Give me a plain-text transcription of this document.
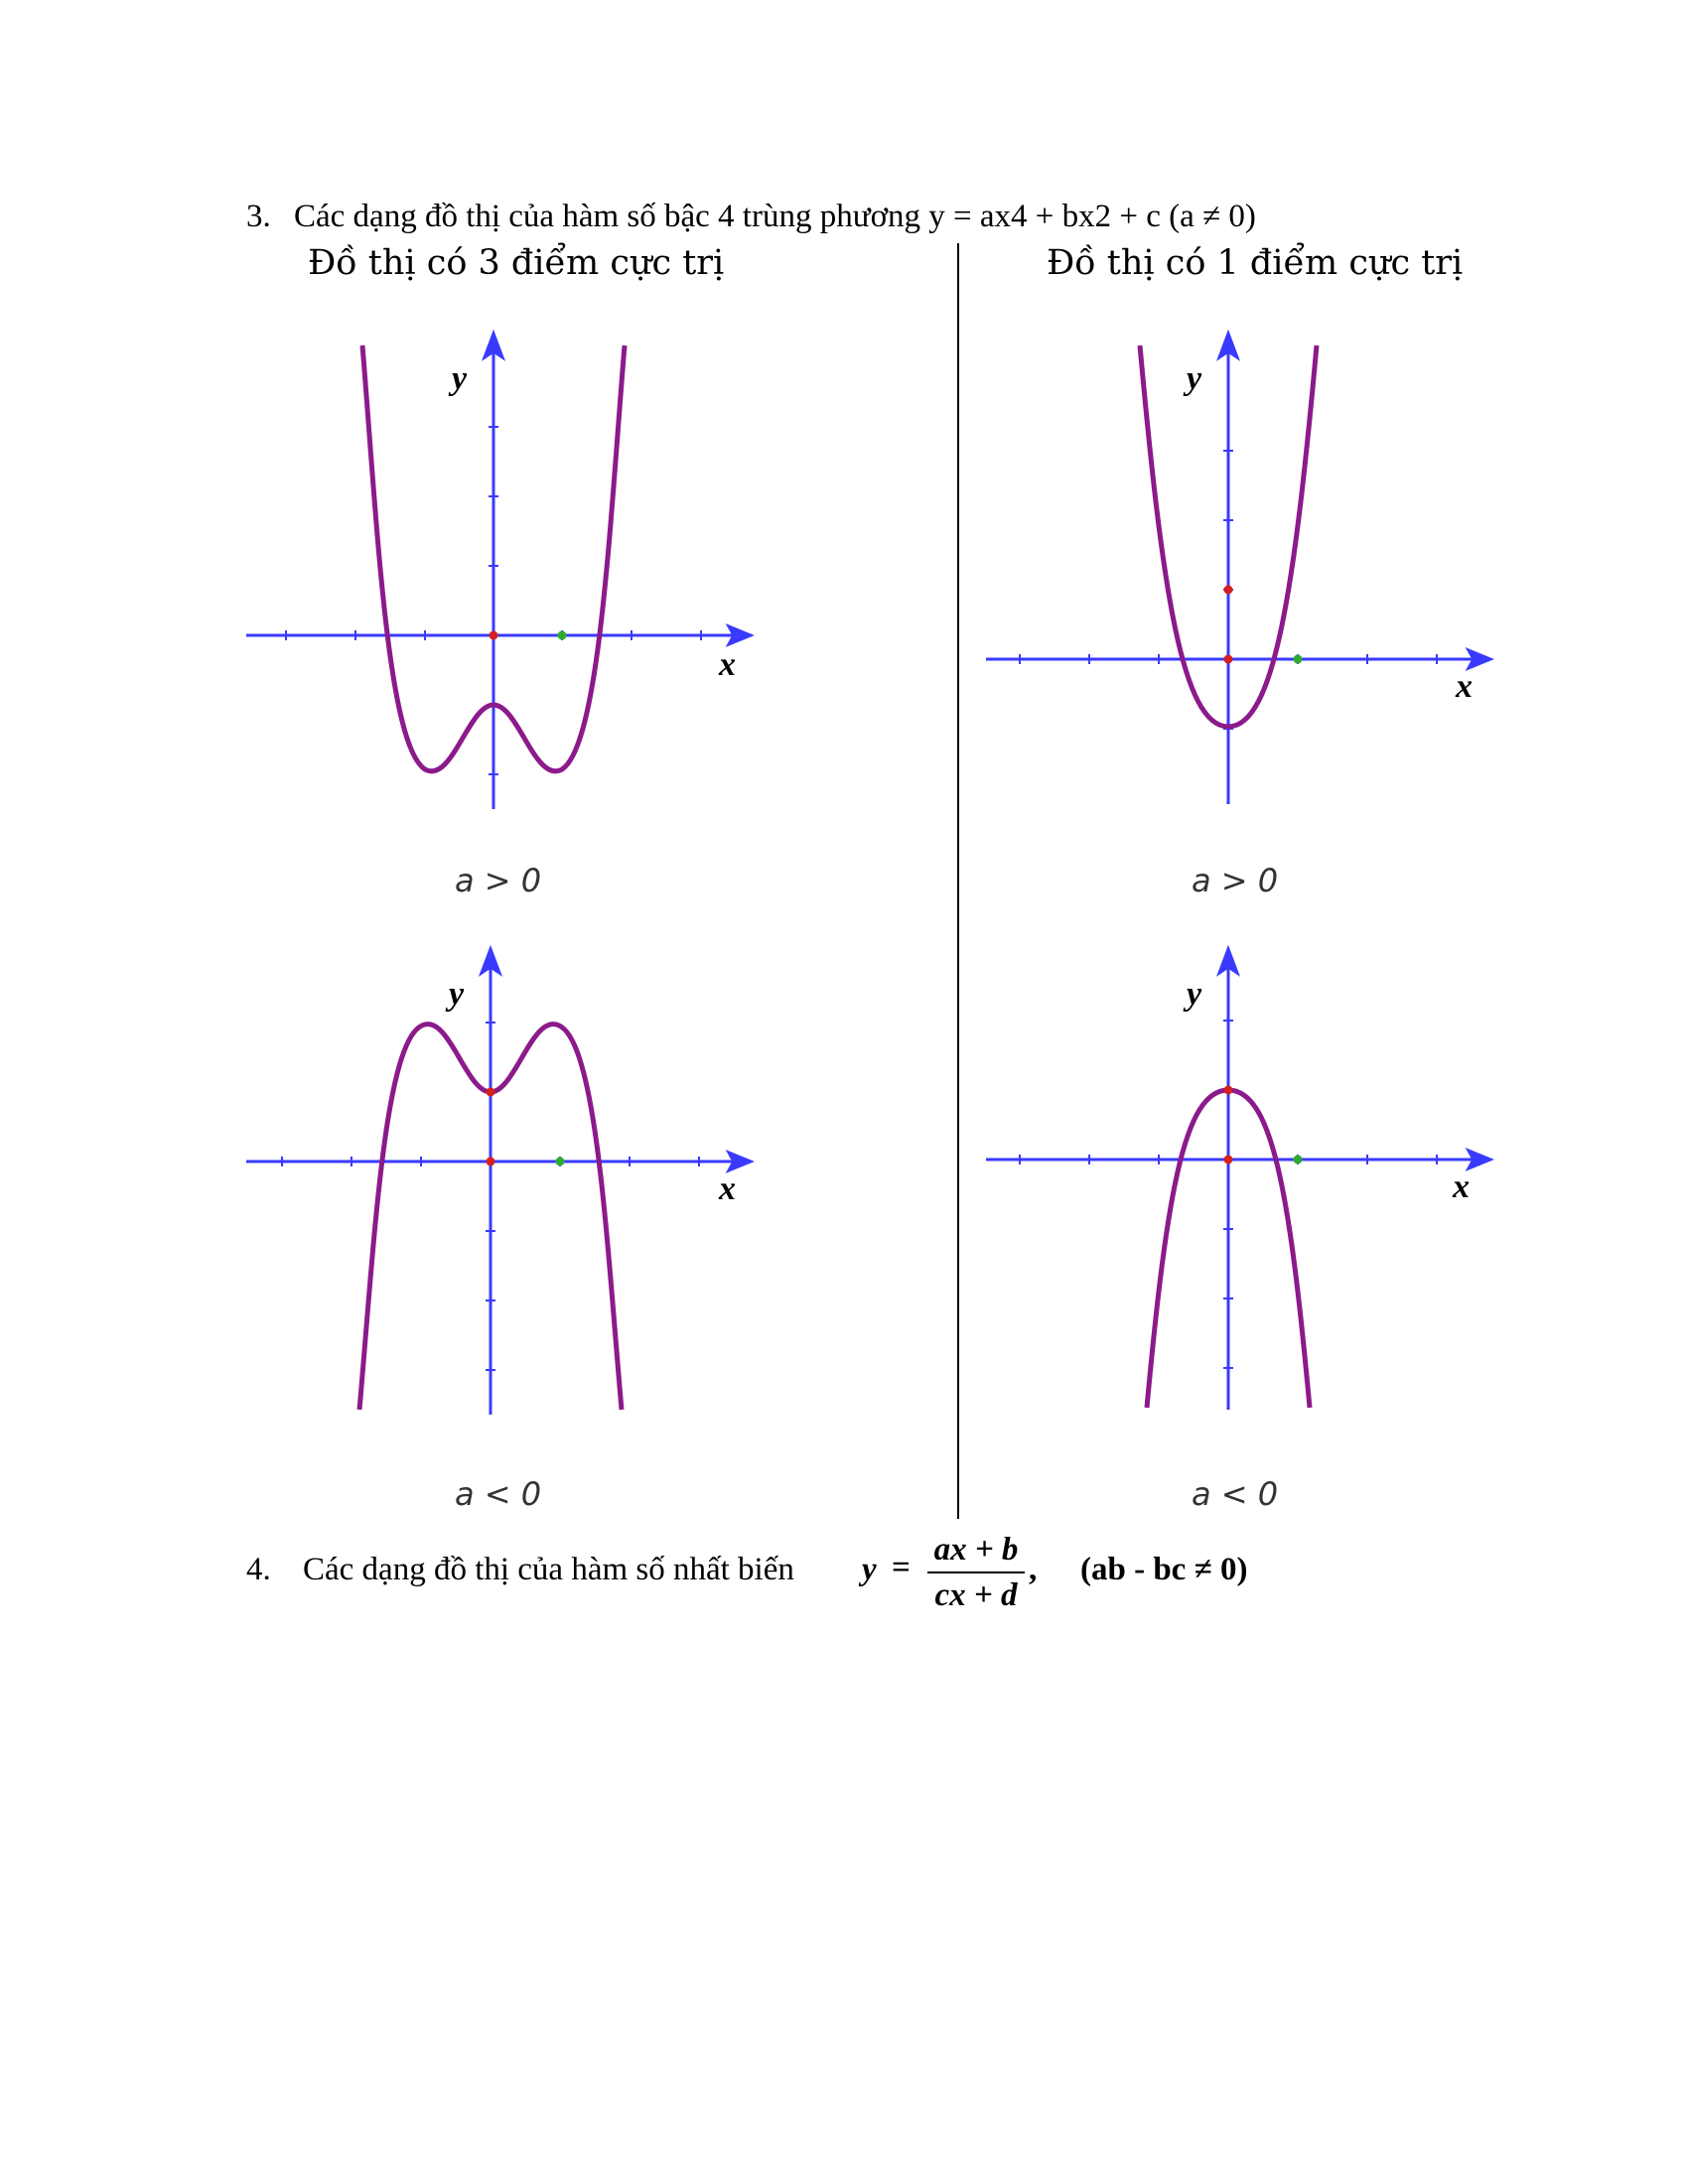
3. Các dạng đồ thị của hàm số bậc 4 trùng phương y = ax4 + bx2 + c (a ≠ 0)
Đồ thị có 3 điểm cực trị	Đồ thị có 1 điểm cực trị
y
x
a > 0
y
x
a > 0
y
x
a < 0
y
x
a < 0
4. Các dạng đồ thị của hàm số nhất biến y = ax + b
cx + d
, (ab - bc ≠ 0)
